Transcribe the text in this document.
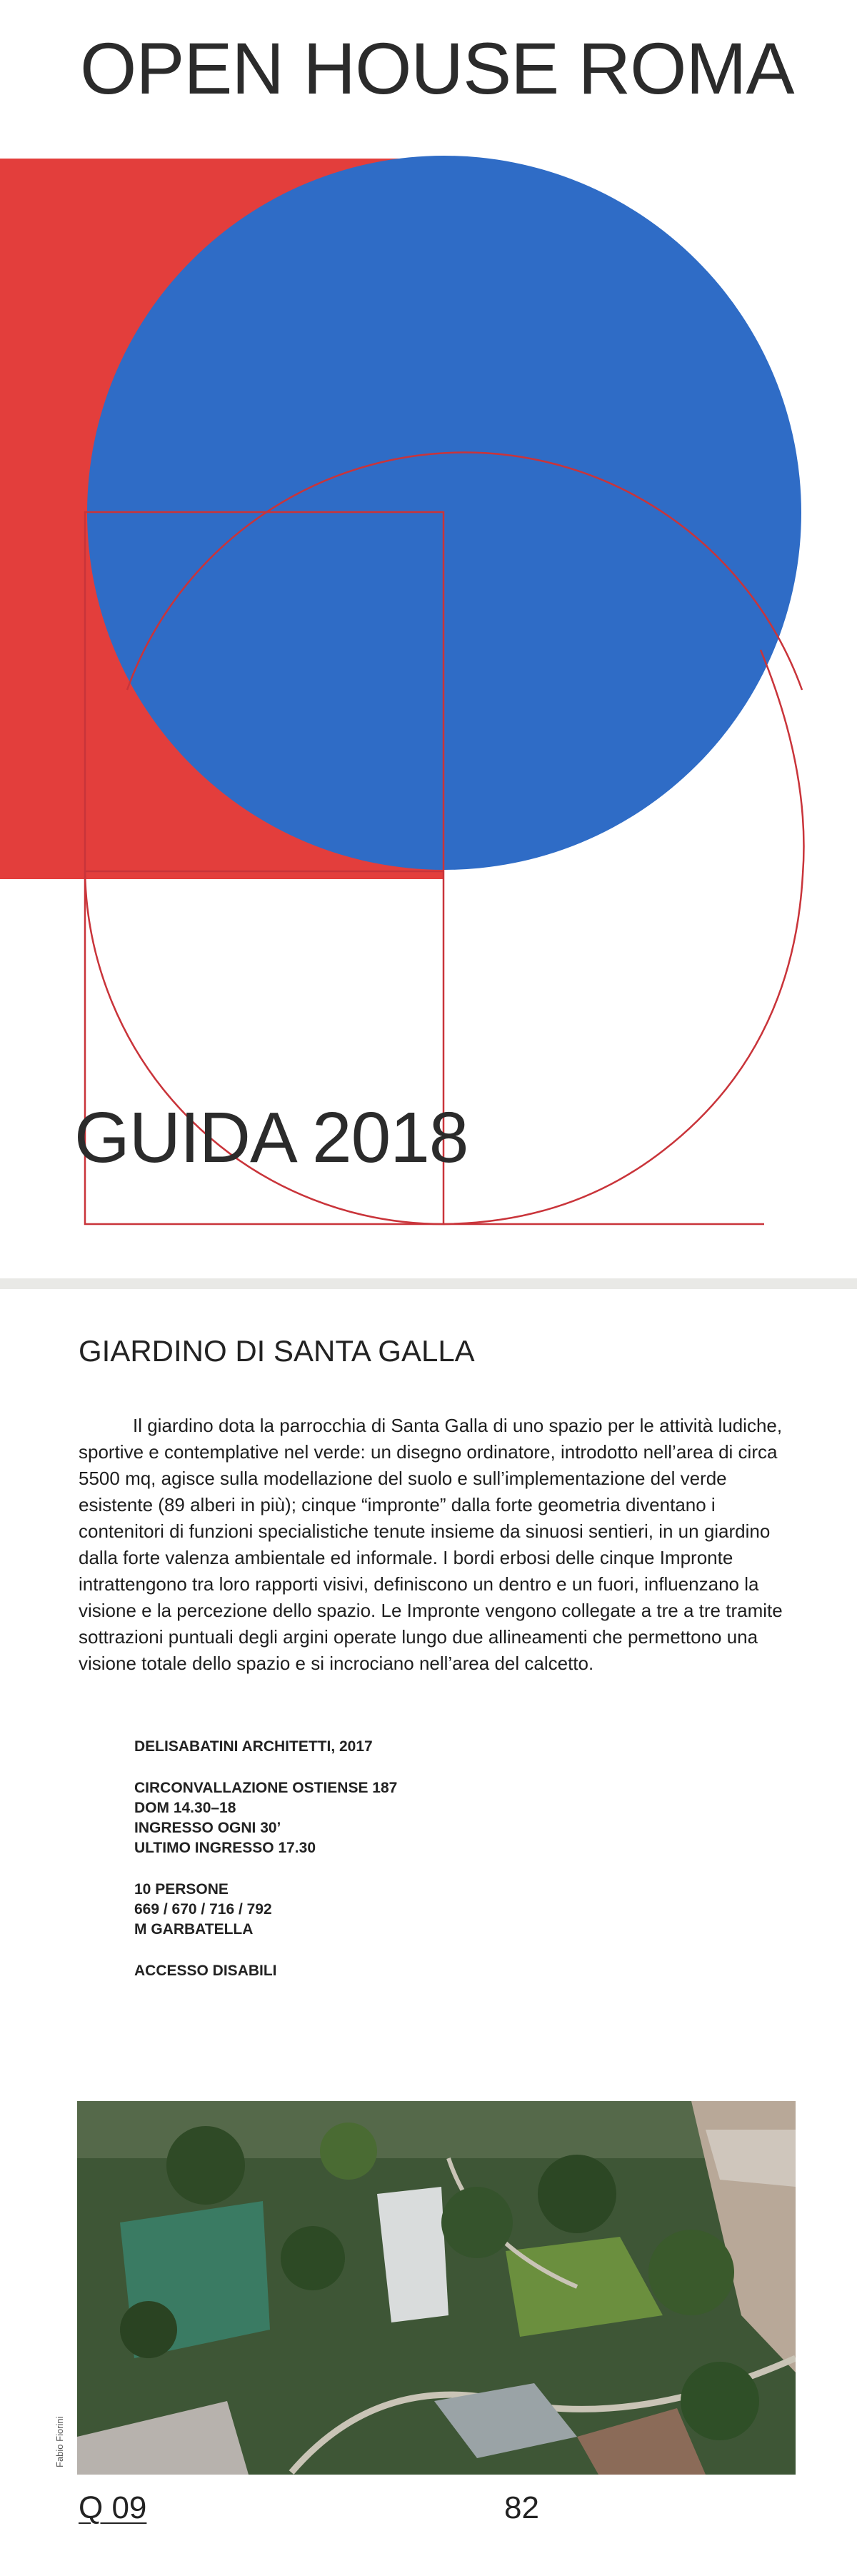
OPEN HOUSE ROMA
GUIDA 2018
GIARDINO DI SANTA GALLA

Il giardino dota la parrocchia di Santa Galla di uno spazio per le attività ludiche, sportive e contemplative nel verde: un disegno ordinatore, introdotto nell’area di circa 5500 mq, agisce sulla modellazione del suolo e sull’implementazione del verde esistente (89 alberi in più); cinque “impronte” dalla forte geometria diventano i contenitori di funzioni specialistiche tenute insieme da sinuosi sentieri, in un giardino dalla forte valenza ambientale ed informale. I bordi erbosi delle cinque Impronte intrattengono tra loro rapporti visivi, definiscono un dentro e un fuori, influenzano la visione e la percezione dello spazio. Le Impronte vengono collegate a tre a tre tramite sottrazioni puntuali degli argini operate lungo due allineamenti che permettono una visione totale dello spazio e si incrociano nell’area del calcetto.

DELISABATINI ARCHITETTI, 2017
CIRCONVALLAZIONE OSTIENSE 187
DOM 14.30–18
INGRESSO OGNI 30’
ULTIMO INGRESSO 17.30
10 PERSONE
669 / 670 / 716 / 792
M GARBATELLA
ACCESSO DISABILI

Fabio Fiorini

Q 09	82
